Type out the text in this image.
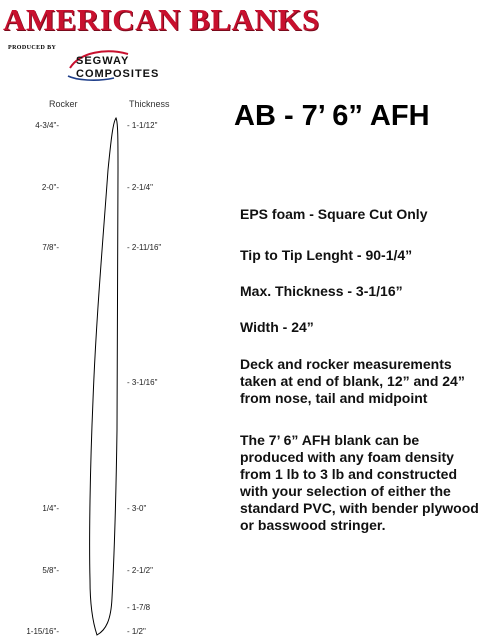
AMERICAN BLANKS
PRODUCED BY
SEGWAY
COMPOSITES
Rocker	Thickness
4-3/4"-
2-0"-
7/8"-
1/4"-
5/8"-
1-15/16"-
- 1-1/12"
- 2-1/4"
- 2-11/16"
- 3-1/16"
- 3-0"
- 2-1/2"
- 1-7/8
- 1/2"
AB - 7’ 6” AFH
EPS foam - Square Cut Only
Tip to Tip Lenght - 90-1/4”
Max. Thickness - 3-1/16”
Width - 24”
Deck and rocker measurements taken at end of blank, 12” and 24” from nose, tail and midpoint
The 7’ 6” AFH blank can be produced with any foam density from 1 lb to 3 lb and constructed with your selection of either the standard PVC, with bender plywood or basswood stringer.
